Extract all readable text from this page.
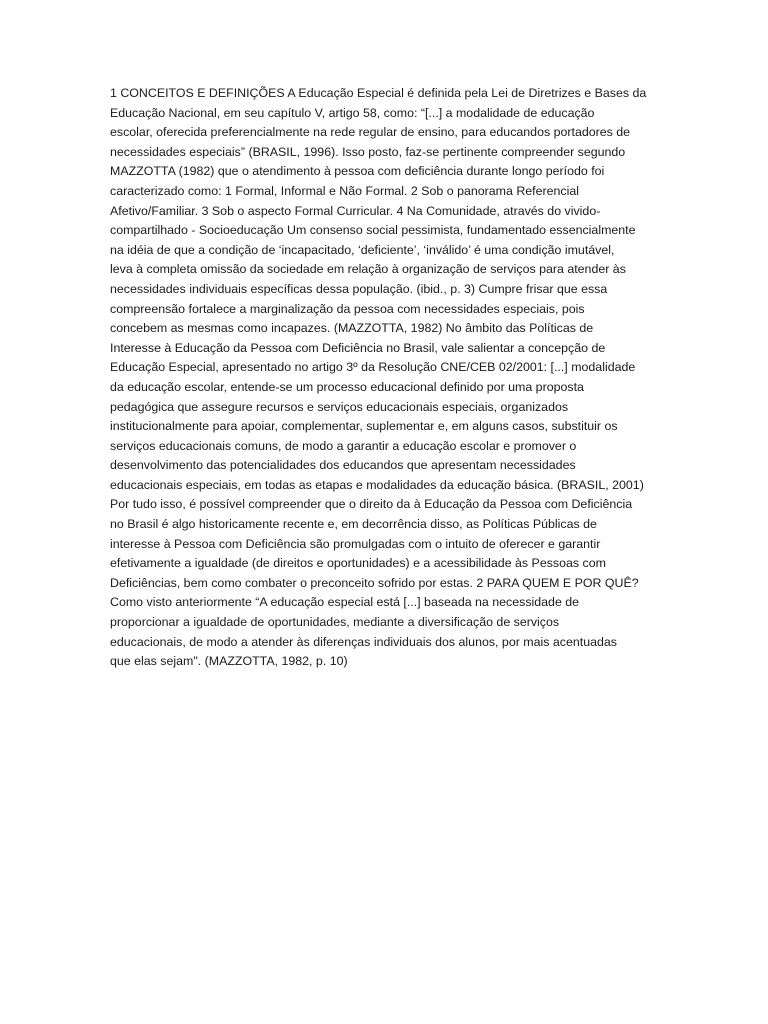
1 CONCEITOS E DEFINIÇÕES A Educação Especial é definida pela Lei de Diretrizes e Bases da
Educação Nacional, em seu capítulo V, artigo 58, como: “[...] a modalidade de educação
escolar, oferecida preferencialmente na rede regular de ensino, para educandos portadores de
necessidades especiais” (BRASIL, 1996). Isso posto, faz-se pertinente compreender segundo
MAZZOTTA (1982) que o atendimento à pessoa com deficiência durante longo período foi
caracterizado como: 1 Formal, Informal e Não Formal. 2 Sob o panorama Referencial
Afetivo/Familiar. 3 Sob o aspecto Formal Curricular. 4 Na Comunidade, através do vivido-
compartilhado - Socioeducação Um consenso social pessimista, fundamentado essencialmente
na idéia de que a condição de ‘incapacitado, ‘deficiente’, ‘inválido’ é uma condição imutável,
leva à completa omissão da sociedade em relação à organização de serviços para atender às
necessidades individuais específicas dessa população. (ibid., p. 3) Cumpre frisar que essa
compreensão fortalece a marginalização da pessoa com necessidades especiais, pois
concebem as mesmas como incapazes. (MAZZOTTA, 1982) No âmbito das Políticas de
Interesse à Educação da Pessoa com Deficiência no Brasil, vale salientar a concepção de
Educação Especial, apresentado no artigo 3º da Resolução CNE/CEB 02/2001: [...] modalidade
da educação escolar, entende-se um processo educacional definido por uma proposta
pedagógica que assegure recursos e serviços educacionais especiais, organizados
institucionalmente para apoiar, complementar, suplementar e, em alguns casos, substituir os
serviços educacionais comuns, de modo a garantir a educação escolar e promover o
desenvolvimento das potencialidades dos educandos que apresentam necessidades
educacionais especiais, em todas as etapas e modalidades da educação básica. (BRASIL, 2001)
Por tudo isso, é possível compreender que o direito da à Educação da Pessoa com Deficiência
no Brasil é algo historicamente recente e, em decorrência disso, as Políticas Públicas de
interesse à Pessoa com Deficiência são promulgadas com o intuito de oferecer e garantir
efetivamente a igualdade (de direitos e oportunidades) e a acessibilidade às Pessoas com
Deficiências, bem como combater o preconceito sofrido por estas. 2 PARA QUEM E POR QUÊ?
Como visto anteriormente “A educação especial está [...] baseada na necessidade de
proporcionar a igualdade de oportunidades, mediante a diversificação de serviços
educacionais, de modo a atender às diferenças individuais dos alunos, por mais acentuadas
que elas sejam". (MAZZOTTA, 1982, p. 10)
